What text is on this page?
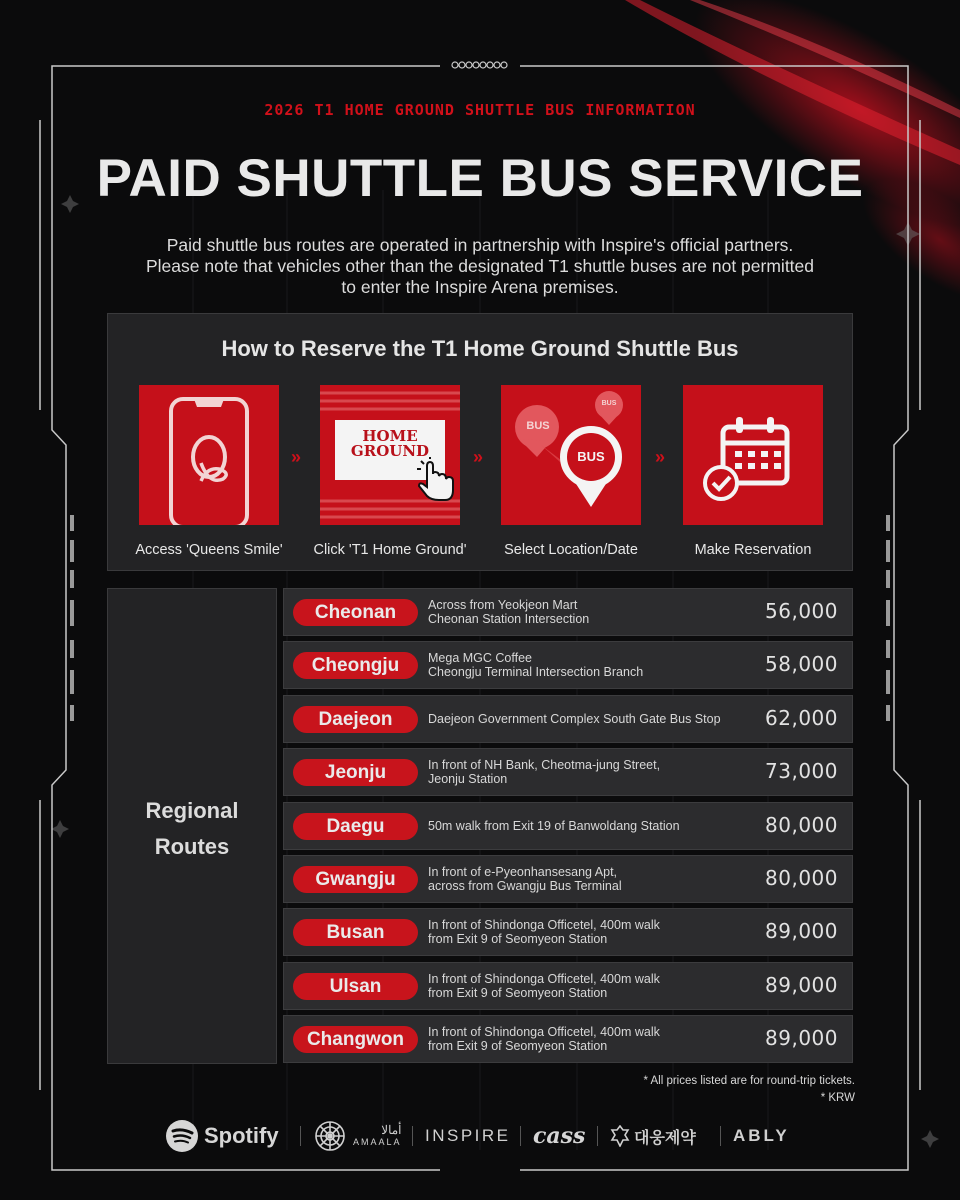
2026 T1 HOME GROUND SHUTTLE BUS INFORMATION
PAID SHUTTLE BUS SERVICE
Paid shuttle bus routes are operated in partnership with Inspire's official partners.
Please note that vehicles other than the designated T1 shuttle buses are not permitted
to enter the Inspire Arena premises.
How to Reserve the T1 Home Ground Shuttle Bus
Access 'Queens Smile'
»
HOME
GROUND
Click 'T1 Home Ground'
»
BUS
BUS
BUS
Select Location/Date
»
Make Reservation
Regional
Routes
Cheonan	Across from Yeokjeon Mart
Cheonan Station Intersection	56,000
Cheongju	Mega MGC Coffee
Cheongju Terminal Intersection Branch	58,000
Daejeon	Daejeon Government Complex South Gate Bus Stop	62,000
Jeonju	In front of NH Bank, Cheotma-jung Street,
Jeonju Station	73,000
Daegu	50m walk from Exit 19 of Banwoldang Station	80,000
Gwangju	In front of e-Pyeonhansesang Apt,
across from Gwangju Bus Terminal	80,000
Busan	In front of Shindonga Officetel, 400m walk
from Exit 9 of Seomyeon Station	89,000
Ulsan	In front of Shindonga Officetel, 400m walk
from Exit 9 of Seomyeon Station	89,000
Changwon	In front of Shindonga Officetel, 400m walk
from Exit 9 of Seomyeon Station	89,000
* All prices listed are for round-trip tickets.
* KRW
Spotify	أمالا
AMAALA INSPIRE cass	대웅제약 ABLY
